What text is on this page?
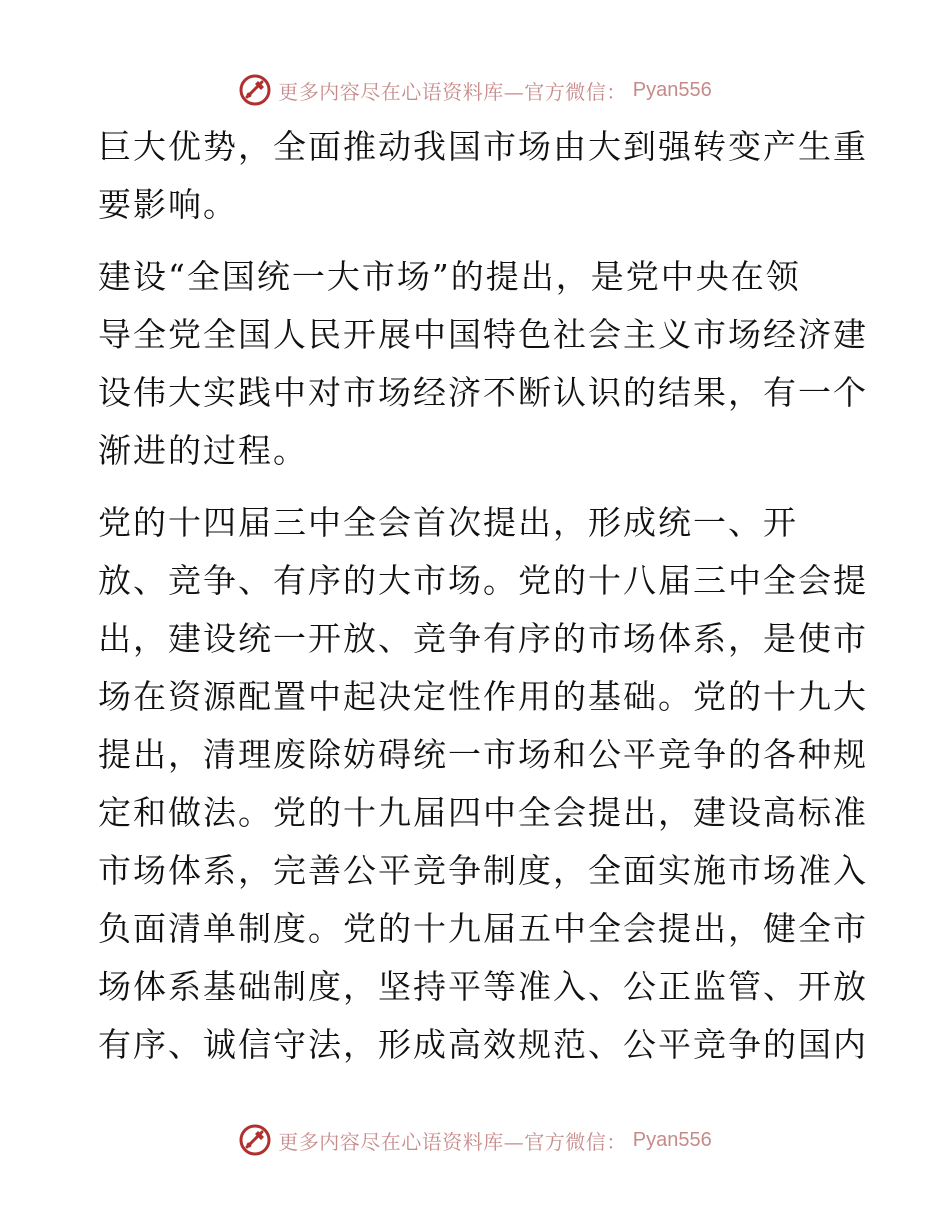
更多内容尽在心语资料库—官方微信： Pyan556

巨大优势，全面推动我国市场由大到强转变产生重
要影响。

建设“全国统一大市场”的提出，是党中央在领
导全党全国人民开展中国特色社会主义市场经济建
设伟大实践中对市场经济不断认识的结果，有一个
渐进的过程。

党的十四届三中全会首次提出，形成统一、开
放、竞争、有序的大市场。党的十八届三中全会提
出，建设统一开放、竞争有序的市场体系，是使市
场在资源配置中起决定性作用的基础。党的十九大
提出，清理废除妨碍统一市场和公平竞争的各种规
定和做法。党的十九届四中全会提出，建设高标准
市场体系，完善公平竞争制度，全面实施市场准入
负面清单制度。党的十九届五中全会提出，健全市
场体系基础制度，坚持平等准入、公正监管、开放
有序、诚信守法，形成高效规范、公平竞争的国内

更多内容尽在心语资料库—官方微信： Pyan556
